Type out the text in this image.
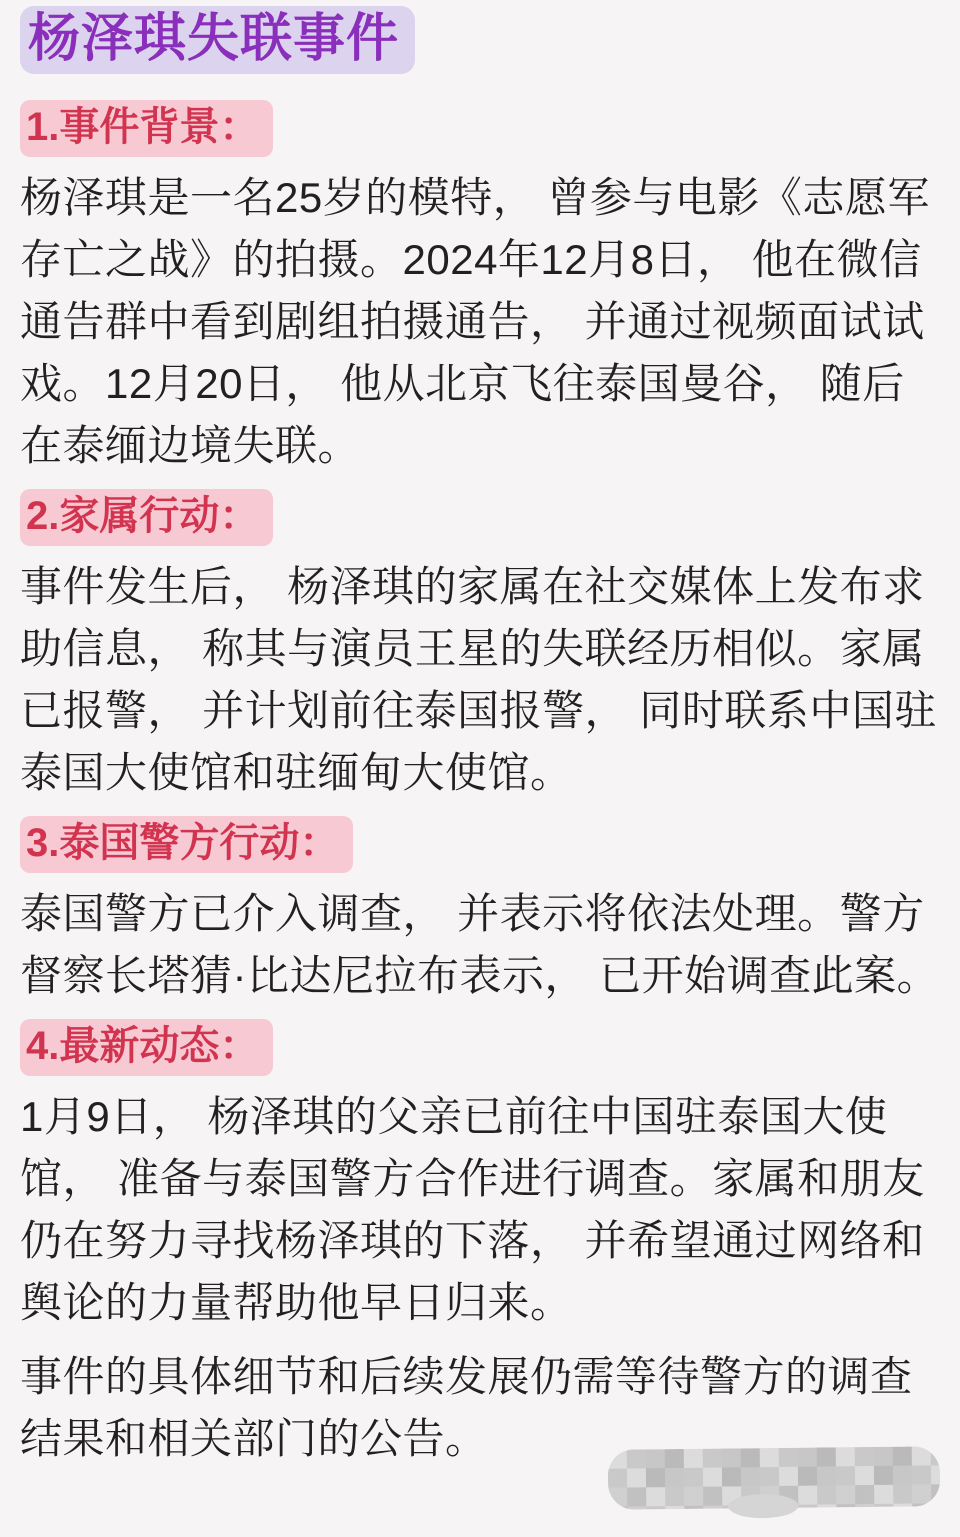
杨泽琪失联事件
1.事件背景：

杨泽琪是一名25岁的模特， 曾参与电影《志愿军存亡之战》的拍摄。2024年12月8日， 他在微信通告群中看到剧组拍摄通告， 并通过视频面试试戏。12月20日， 他从北京飞往泰国曼谷， 随后在泰缅边境失联。

2.家属行动：

事件发生后， 杨泽琪的家属在社交媒体上发布求助信息， 称其与演员王星的失联经历相似。家属已报警， 并计划前往泰国报警， 同时联系中国驻泰国大使馆和驻缅甸大使馆。

3.泰国警方行动：

泰国警方已介入调查， 并表示将依法处理。警方督察长塔猜·比达尼拉布表示， 已开始调查此案。

4.最新动态：

1月9日， 杨泽琪的父亲已前往中国驻泰国大使馆， 准备与泰国警方合作进行调查。家属和朋友仍在努力寻找杨泽琪的下落， 并希望通过网络和舆论的力量帮助他早日归来。

事件的具体细节和后续发展仍需等待警方的调查结果和相关部门的公告。
